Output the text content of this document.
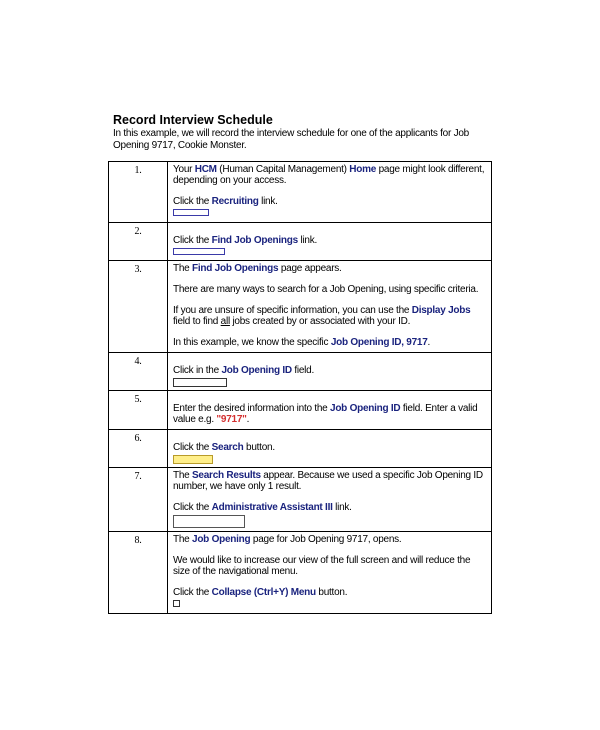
Record Interview Schedule
In this example, we will record the interview schedule for one of the applicants for Job Opening 9717, Cookie Monster.
1.	Your HCM (Human Capital Management) Home page might look different, depending on your access.

Click the Recruiting link.

2.	Click the Find Job Openings link.

3.	The Find Job Openings page appears.

There are many ways to search for a Job Opening, using specific criteria.

If you are unsure of specific information, you can use the Display Jobs field to find all jobs created by or associated with your ID.

In this example, we know the specific Job Opening ID, 9717.

4.	Click in the Job Opening ID field.

5.	Enter the desired information into the Job Opening ID field. Enter a valid value e.g. "9717".

6.	Click the Search button.

7.	The Search Results appear. Because we used a specific Job Opening ID number, we have only 1 result.

Click the Administrative Assistant III link.

8.	The Job Opening page for Job Opening 9717, opens.

We would like to increase our view of the full screen and will reduce the size of the navigational menu.

Click the Collapse (Ctrl+Y) Menu button.
